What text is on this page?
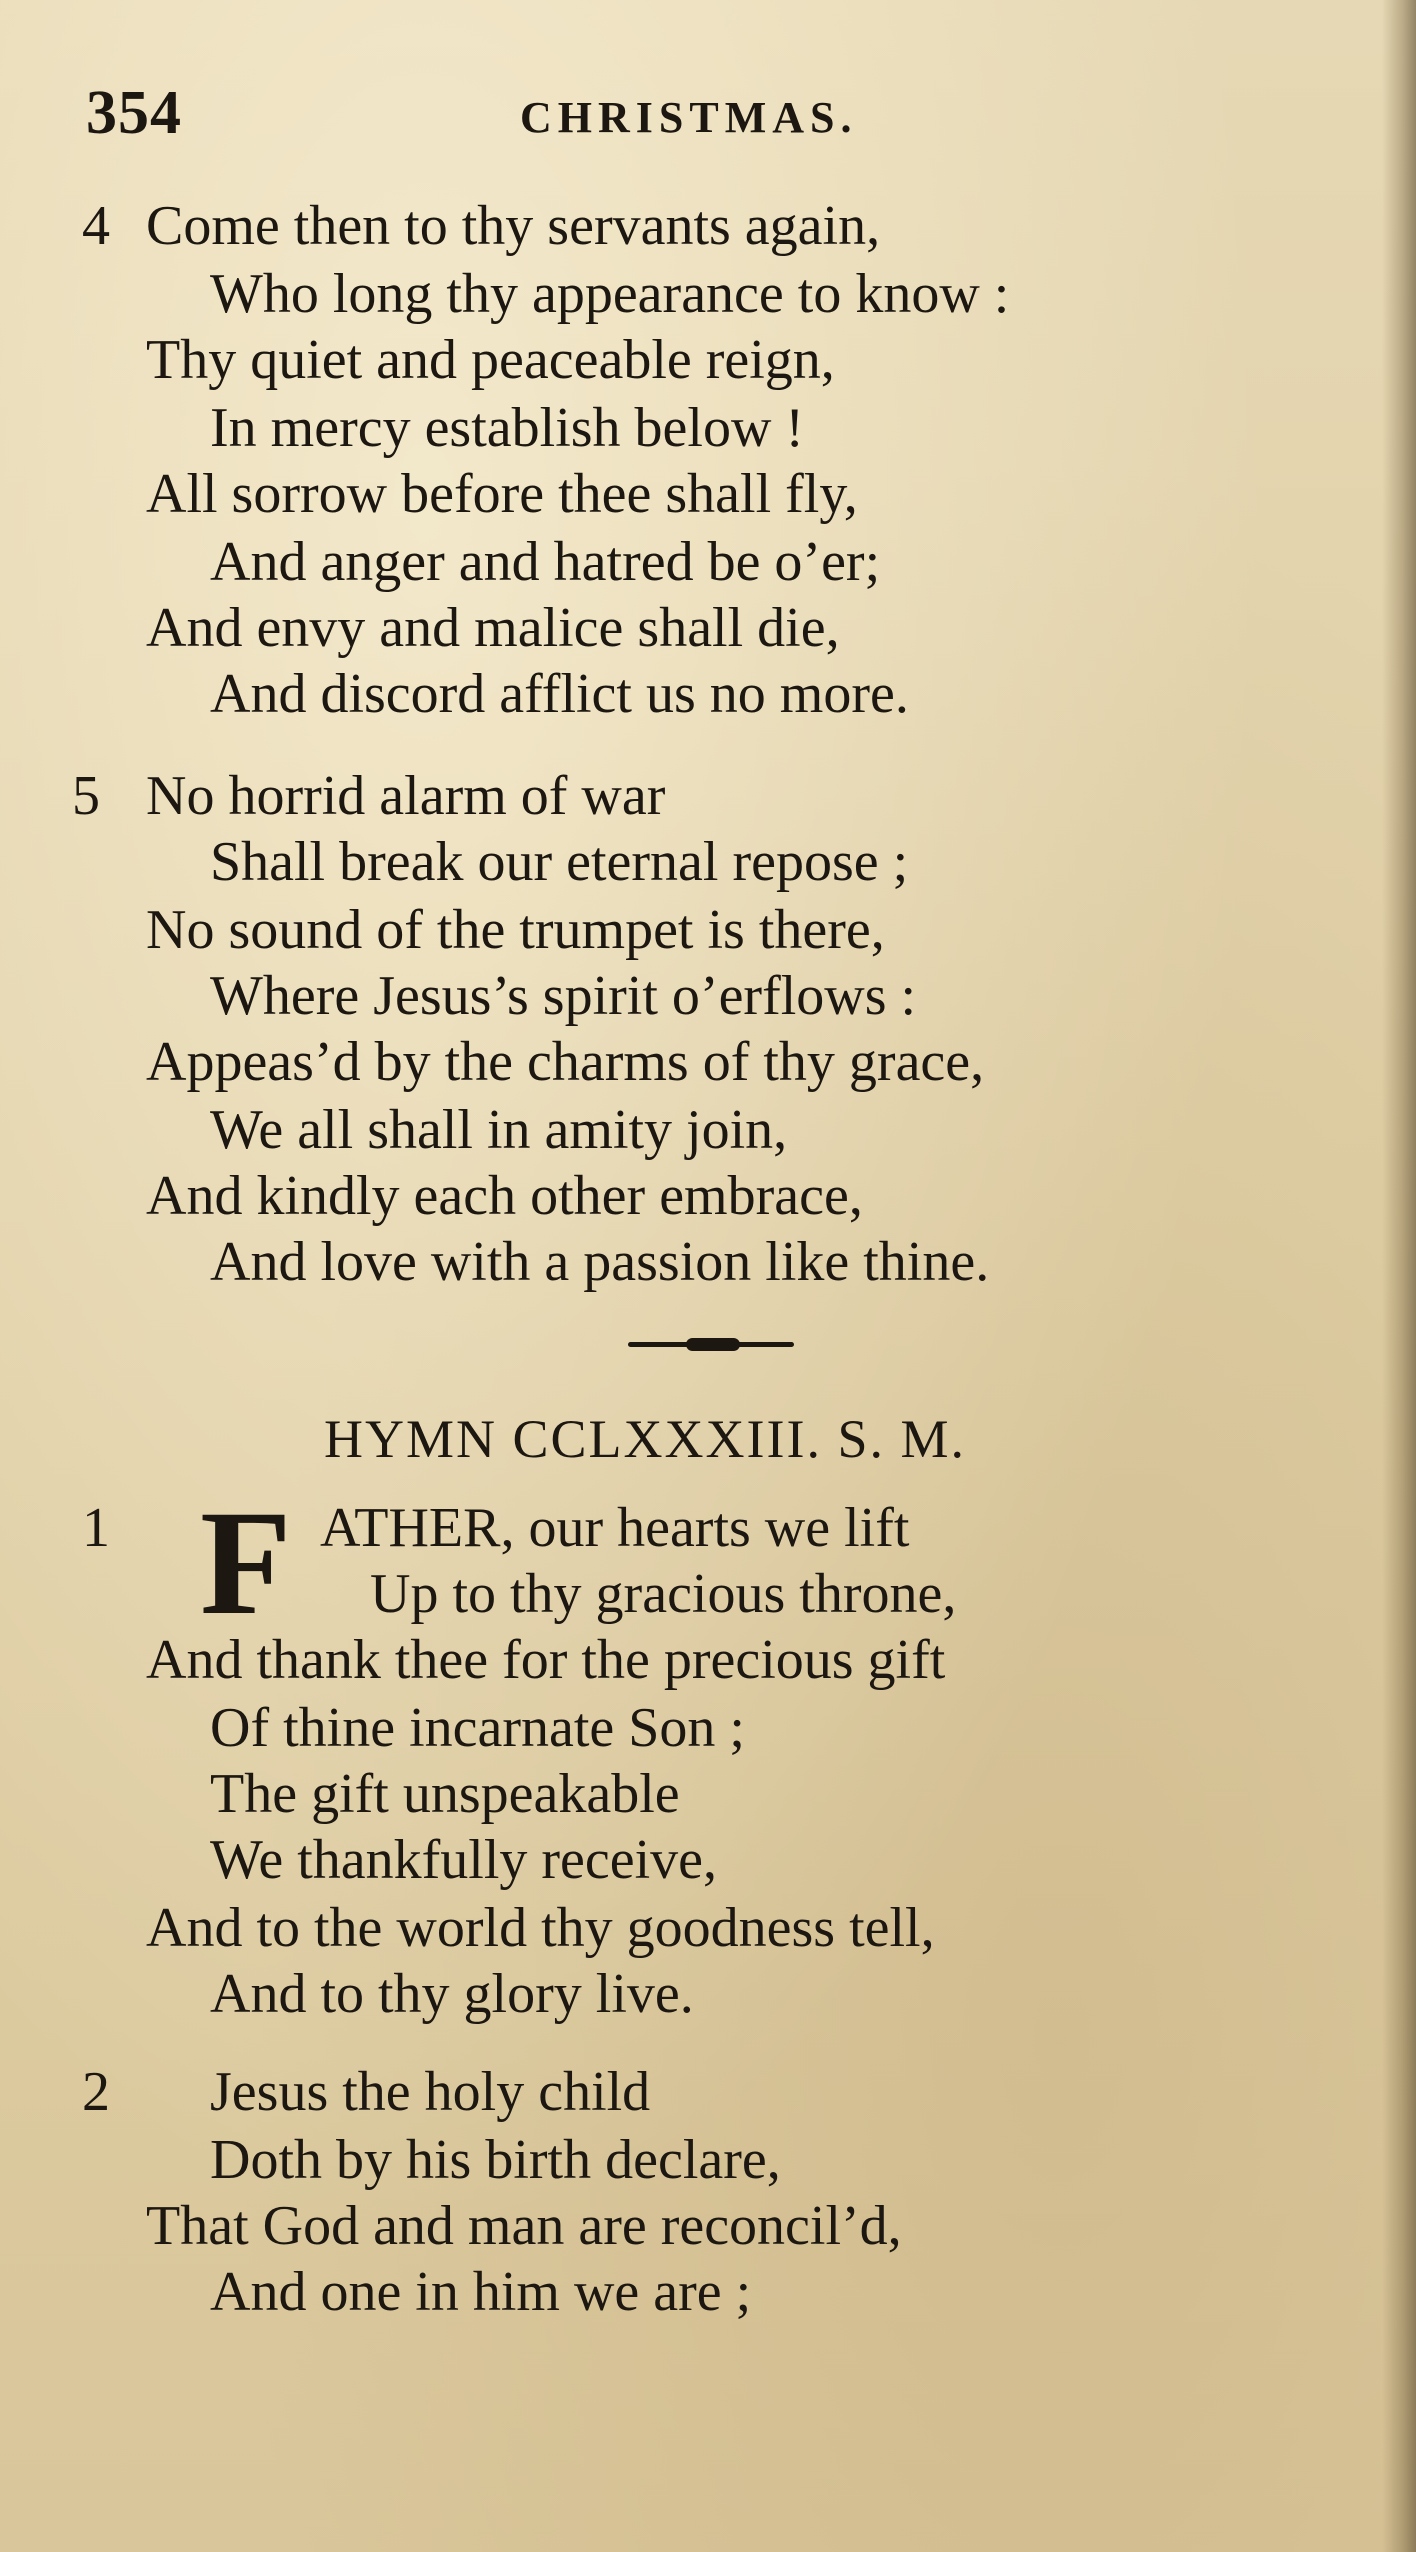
354	CHRISTMAS.
4 Come then to thy servants again,
Who long thy appearance to know :
Thy quiet and peaceable reign,
In mercy establish below !
All sorrow before thee shall fly,
And anger and hatred be o’er;
And envy and malice shall die,
And discord afflict us no more.
5 No horrid alarm of war
Shall break our eternal repose ;
No sound of the trumpet is there,
Where Jesus’s spirit o’erflows :
Appeas’d by the charms of thy grace,
We all shall in amity join,
And kindly each other embrace,
And love with a passion like thine.
HYMN CCLXXXIII. S. M.
1 F ATHER, our hearts we lift
Up to thy gracious throne,
And thank thee for the precious gift
Of thine incarnate Son ;
The gift unspeakable
We thankfully receive,
And to the world thy goodness tell,
And to thy glory live.
2 Jesus the holy child
Doth by his birth declare,
That God and man are reconcil’d,
And one in him we are ;
